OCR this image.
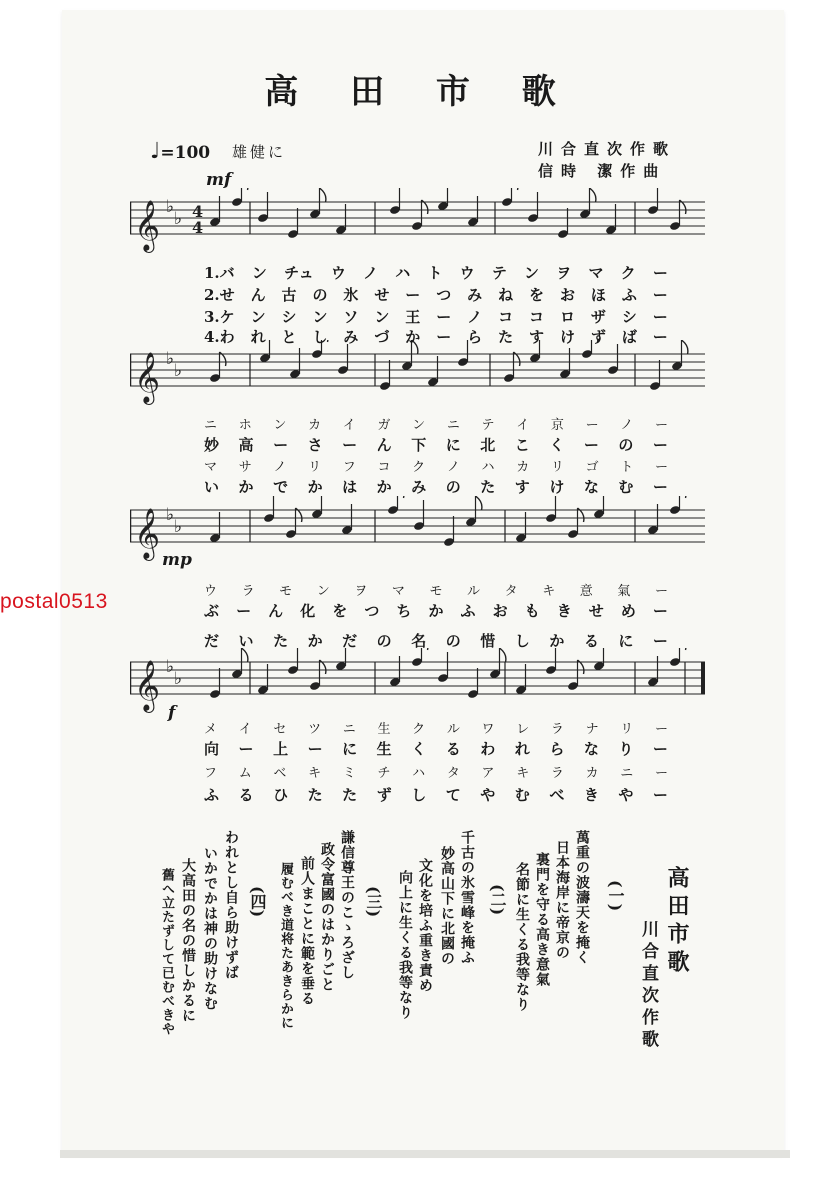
高 田 市 歌
♩=100 雄健に	川合直次作歌
信時 潔作曲
mf
mp
f
postal0513
𝄞 ♭
♭ 4
4
𝄞 ♭
♭
𝄞 ♭
♭
𝄞 ♭
♭
1.バ ン チュ ウ ノ ハ ト ウ テ ン ヲ マ ク ー
2.せ ん 古 の 氷 せ ー つ み ね を お ほ ふ ー
3.ケ ン シ ン ソ ン 王 ー ノ コ コ ロ ザ シ ー
4.わ れ と し み づ か ー ら た す け ず ば ー
ニ ホ ン カ イ ガ ン ニ テ イ 京 ー ノ ー
妙 高 ー さ ー ん 下 に 北 こ く ー の ー
マ サ ノ リ フ コ ク ノ ハ カ リ ゴ ト ー
い か で か は か み の た す け な む ー
ウ ラ モ ン ヲ マ モ ル タ キ 意 氣 ー
ぶ ー ん 化 を つ ち か ふ お も き せ め ー
だ い た か だ の 名 の 惜 し か る に ー
メ イ セ ツ ニ 生 ク ル ワ レ ラ ナ リ ー
向 ー 上 ー に 生 く る わ れ ら な り ー
フ ム ベ キ ミ チ ハ タ ア キ ラ カ ニ ー
ふ る ひ た た ず し て や む べ き や ー
(一)
萬重の波濤天を掩く
日本海岸に帝京の
裏門を守る高き意氣
名節に生くる我等なり
(二)
千古の氷雪峰を掩ふ
妙高山下に北國の
文化を培ふ重き責め
向上に生くる我等なり
(三)
謙信尊王のこゝろざし
政令富國のはかりごと
前人まことに範を垂る
履むべき道将たあきらかに
(四)
われとし自ら助けずば
いかでかは神の助けなむ
大高田の名の惜しかるに
舊へ立たずして已むべきや	高田市歌
川合直次作歌
